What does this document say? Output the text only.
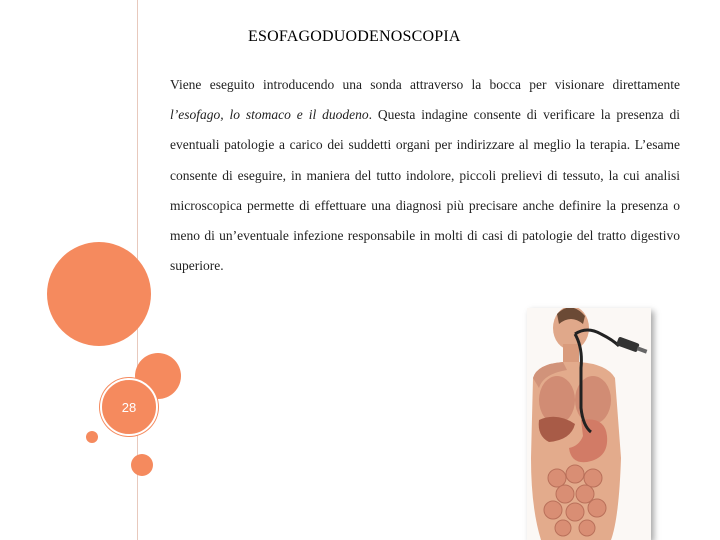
28
ESOFAGODUODENOSCOPIA

Viene eseguito introducendo una sonda attraverso la bocca per visionare direttamente l’esofago, lo stomaco e il duodeno. Questa indagine consente di verificare la presenza di eventuali patologie a carico dei suddetti organi per indirizzare al meglio la terapia. L’esame consente di eseguire, in maniera del tutto indolore, piccoli prelievi di tessuto, la cui analisi microscopica permette di effettuare una diagnosi più precisare anche definire la presenza o meno di un’eventuale infezione responsabile in molti di casi di patologie del tratto digestivo superiore.
